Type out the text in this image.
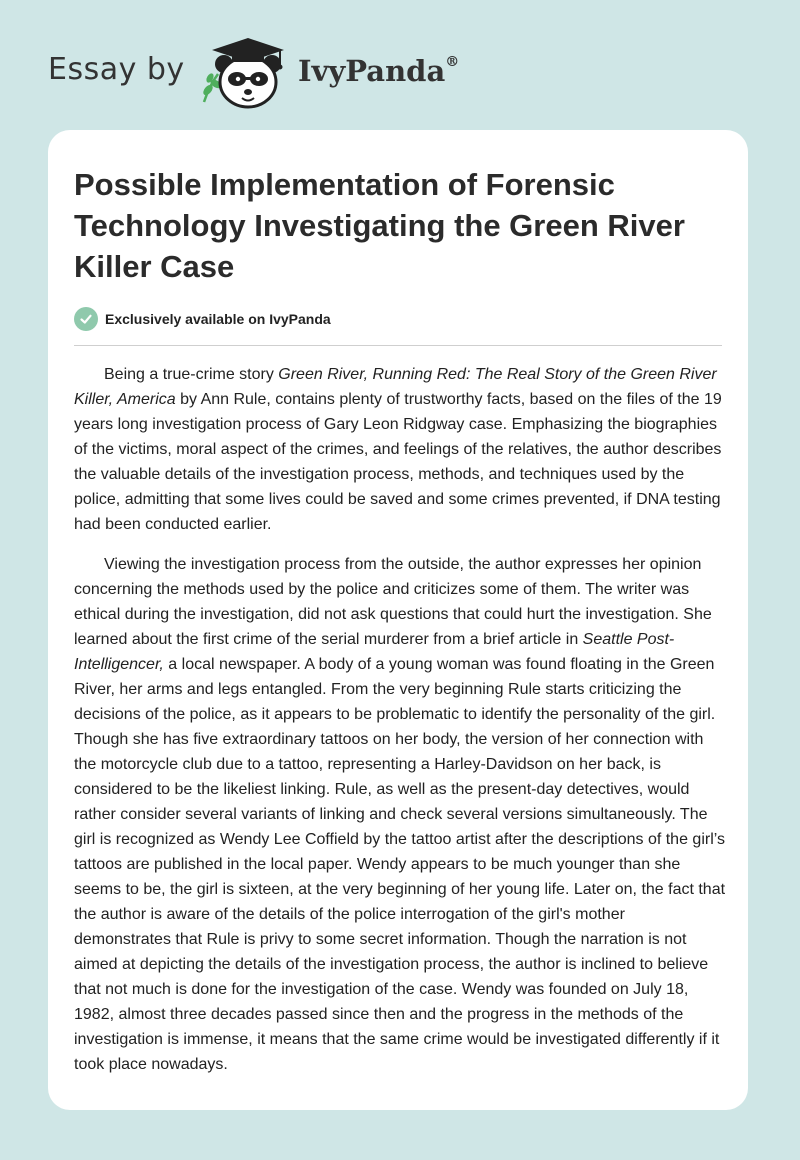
Essay by	IvyPanda®
Possible Implementation of Forensic Technology Investigating the Green River Killer Case
Exclusively available on IvyPanda

Being a true-crime story Green River, Running Red: The Real Story of the Green River Killer, America by Ann Rule, contains plenty of trustworthy facts, based on the files of the 19 years long investigation process of Gary Leon Ridgway case. Emphasizing the biographies of the victims, moral aspect of the crimes, and feelings of the relatives, the author describes the valuable details of the investigation process, methods, and techniques used by the police, admitting that some lives could be saved and some crimes prevented, if DNA testing had been conducted earlier.

Viewing the investigation process from the outside, the author expresses her opinion concerning the methods used by the police and criticizes some of them. The writer was ethical during the investigation, did not ask questions that could hurt the investigation. She learned about the first crime of the serial murderer from a brief article in Seattle Post-Intelligencer, a local newspaper. A body of a young woman was found floating in the Green River, her arms and legs entangled. From the very beginning Rule starts criticizing the decisions of the police, as it appears to be problematic to identify the personality of the girl. Though she has five extraordinary tattoos on her body, the version of her connection with the motorcycle club due to a tattoo, representing a Harley-Davidson on her back, is considered to be the likeliest linking. Rule, as well as the present-day detectives, would rather consider several variants of linking and check several versions simultaneously. The girl is recognized as Wendy Lee Coffield by the tattoo artist after the descriptions of the girl’s tattoos are published in the local paper. Wendy appears to be much younger than she seems to be, the girl is sixteen, at the very beginning of her young life. Later on, the fact that the author is aware of the details of the police interrogation of the girl's mother demonstrates that Rule is privy to some secret information. Though the narration is not aimed at depicting the details of the investigation process, the author is inclined to believe that not much is done for the investigation of the case. Wendy was founded on July 18, 1982, almost three decades passed since then and the progress in the methods of the investigation is immense, it means that the same crime would be investigated differently if it took place nowadays.
